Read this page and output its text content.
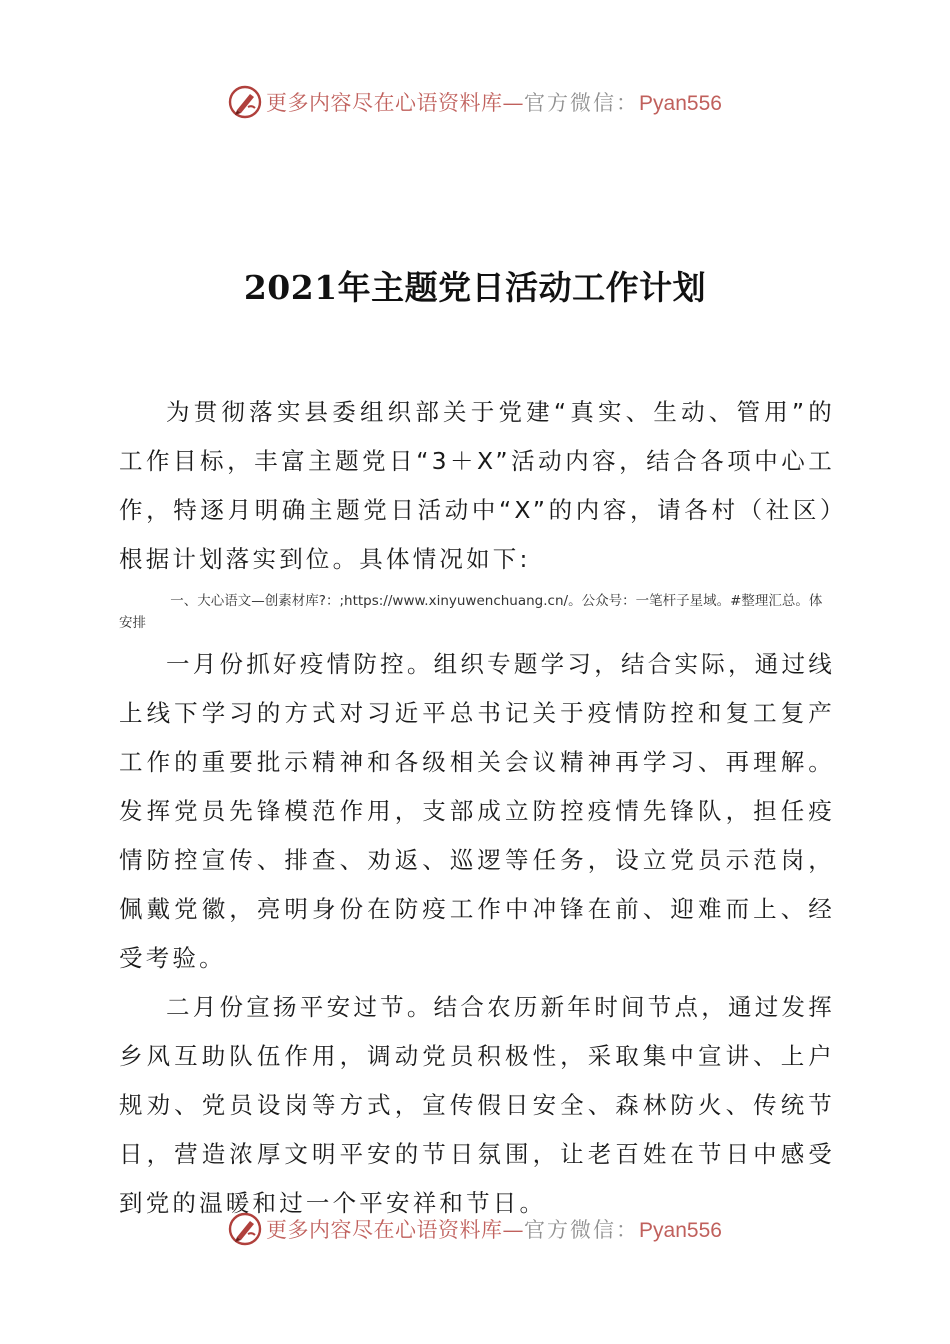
更多内容尽在心语资料库—官方微信：Pyan556
2021年主题党日活动工作计划

为贯彻落实县委组织部关于党建“真实、生动、管用”的工作目标，丰富主题党日“3＋X”活动内容，结合各项中心工作，特逐月明确主题党日活动中“X”的内容，请各村（社区）根据计划落实到位。具体情况如下:

一、大心语文—创素材库?：;https://www.xinyuwenchuang.cn/。公众号：一笔杆子星域。#整理汇总。体安排

一月份抓好疫情防控。组织专题学习，结合实际，通过线上线下学习的方式对习近平总书记关于疫情防控和复工复产工作的重要批示精神和各级相关会议精神再学习、再理解。发挥党员先锋模范作用，支部成立防控疫情先锋队，担任疫情防控宣传、排查、劝返、巡逻等任务，设立党员示范岗，佩戴党徽，亮明身份在防疫工作中冲锋在前、迎难而上、经受考验。

二月份宣扬平安过节。结合农历新年时间节点，通过发挥乡风互助队伍作用，调动党员积极性，采取集中宣讲、上户规劝、党员设岗等方式，宣传假日安全、森林防火、传统节日，营造浓厚文明平安的节日氛围，让老百姓在节日中感受到党的温暖和过一个平安祥和节日。

更多内容尽在心语资料库—官方微信：Pyan556
